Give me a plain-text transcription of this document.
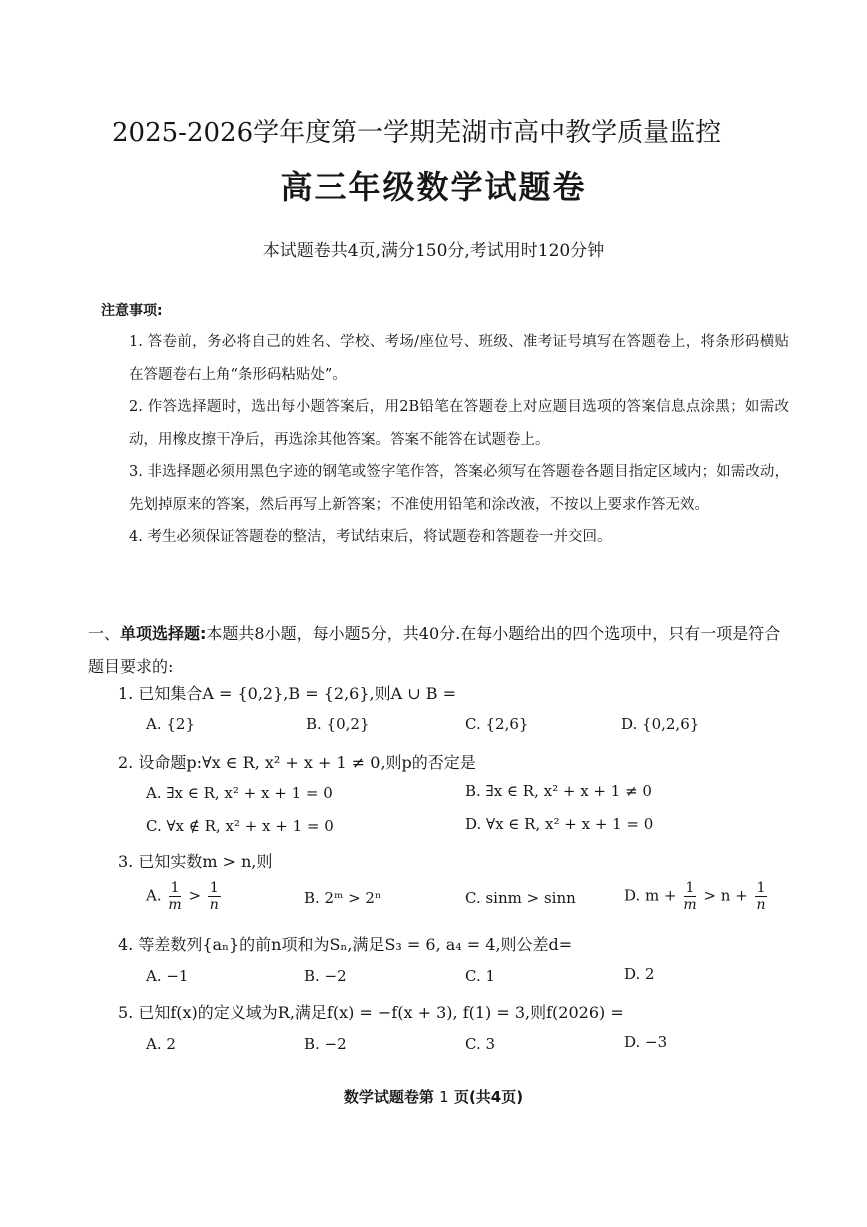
2025-2026学年度第一学期芜湖市高中教学质量监控
高三年级数学试题卷
本试题卷共4页,满分150分,考试用时120分钟
注意事项:

1. 答卷前，务必将自己的姓名、学校、考场/座位号、班级、准考证号填写在答题卷上，将条形码横贴在答题卷右上角“条形码粘贴处”。

2. 作答选择题时，选出每小题答案后，用2B铅笔在答题卷上对应题目选项的答案信息点涂黑；如需改动，用橡皮擦干净后，再选涂其他答案。答案不能答在试题卷上。

3. 非选择题必须用黑色字迹的钢笔或签字笔作答，答案必须写在答题卷各题目指定区域内；如需改动，先划掉原来的答案，然后再写上新答案；不准使用铅笔和涂改液，不按以上要求作答无效。

4. 考生必须保证答题卷的整洁，考试结束后，将试题卷和答题卷一并交回。

一、单项选择题:本题共8小题，每小题5分，共40分.在每小题给出的四个选项中，只有一项是符合题目要求的:
1. 已知集合A = {0,2},B = {2,6},则A ∪ B =
A. {2}	B. {0,2}	C. {2,6}	D. {0,2,6}
2. 设命题p:∀x ∈ R, x² + x + 1 ≠ 0,则p的否定是
A. ∃x ∈ R, x² + x + 1 = 0	B. ∃x ∈ R, x² + x + 1 ≠ 0
C. ∀x ∉ R, x² + x + 1 = 0	D. ∀x ∈ R, x² + x + 1 = 0
3. 已知实数m > n,则
A. $\frac{1}{m} > \frac{1}{n}$	B. 2ᵐ > 2ⁿ	C. sinm > sinn	D. $m + \frac{1}{m} > n + \frac{1}{n}$
4. 等差数列{aₙ}的前n项和为Sₙ,满足S₃ = 6, a₄ = 4,则公差d=
A. −1	B. −2	C. 1	D. 2
5. 已知f(x)的定义域为R,满足f(x) = −f(x + 3), f(1) = 3,则f(2026) =
A. 2	B. −2	C. 3	D. −3
数学试题卷第 1 页(共4页)
